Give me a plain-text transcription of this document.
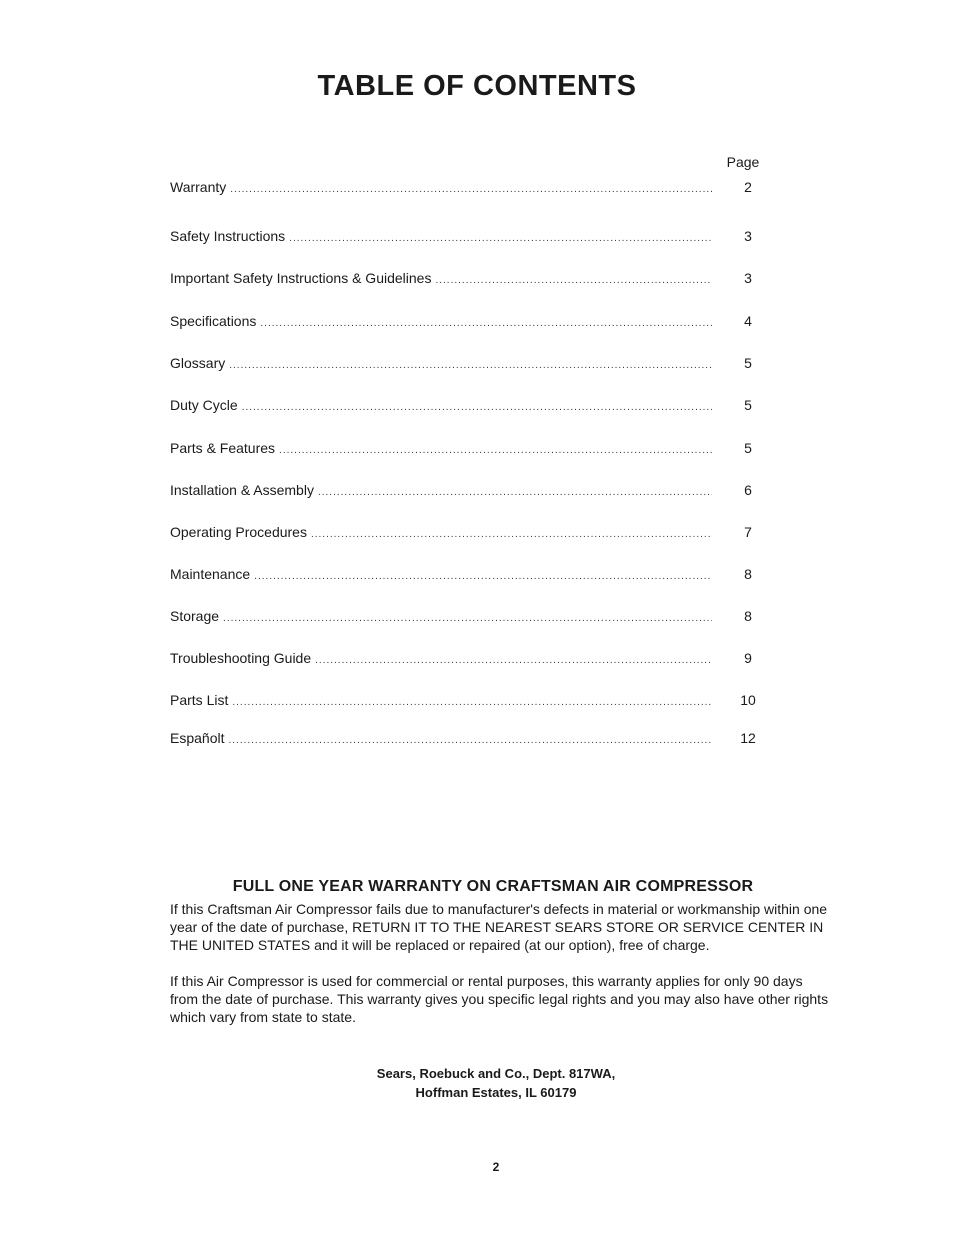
TABLE OF CONTENTS
Page
Warranty .....	2
Safety Instructions .....	3
Important Safety Instructions & Guidelines .....	3
Specifications .....	4
Glossary .....	5
Duty Cycle .....	5
Parts & Features .....	5
Installation & Assembly .....	6
Operating Procedures .....	7
Maintenance .....	8
Storage .....	8
Troubleshooting Guide .....	9
Parts List .....	10
Españolt .....	12
FULL ONE YEAR WARRANTY ON CRAFTSMAN AIR COMPRESSOR

If this Craftsman Air Compressor fails due to manufacturer's defects in material or workmanship within one year of the date of purchase, RETURN IT TO THE NEAREST SEARS STORE OR SERVICE CENTER IN THE UNITED STATES and it will be replaced or repaired (at our option), free of charge.

If this Air Compressor is used for commercial or rental purposes, this warranty applies for only 90 days from the date of purchase. This warranty gives you specific legal rights and you may also have other rights which vary from state to state.

Sears, Roebuck and Co., Dept. 817WA,
Hoffman Estates, IL 60179
2
